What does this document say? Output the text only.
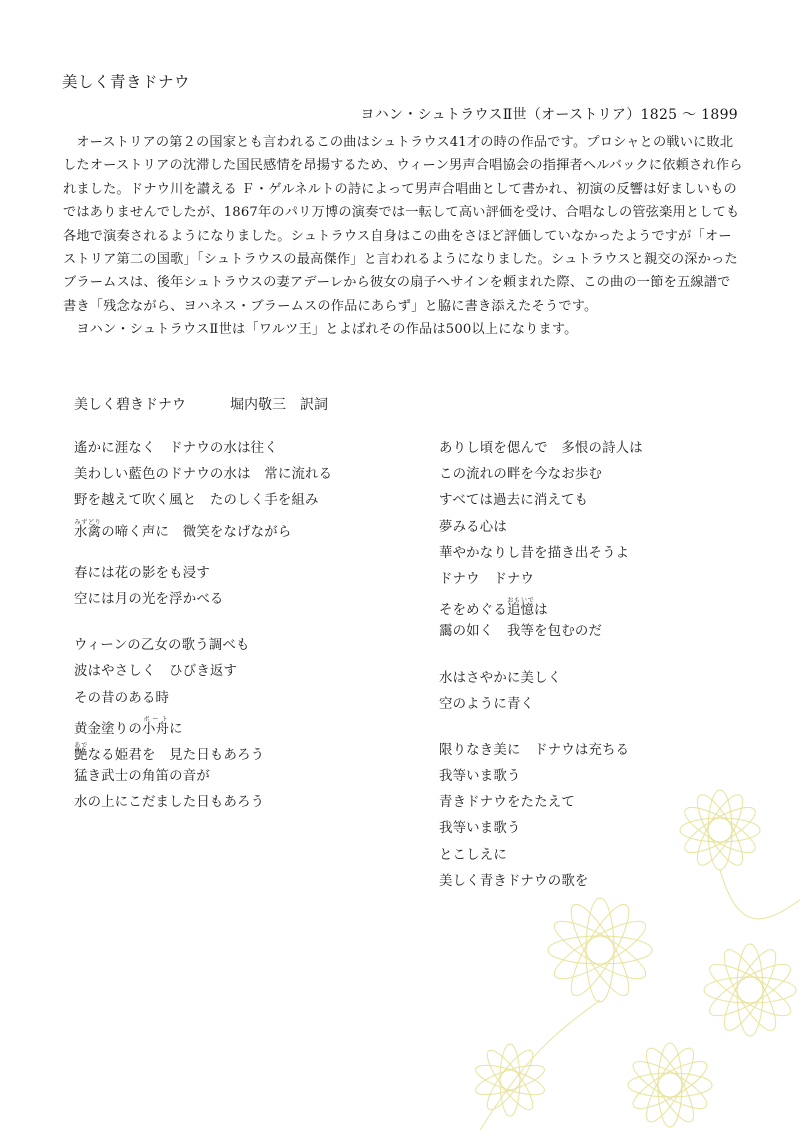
美しく青きドナウ
ヨハン・シュトラウスⅡ世（オーストリア）1825 ～ 1899

オーストリアの第２の国家とも言われるこの曲はシュトラウス41才の時の作品です。プロシャとの戦いに敗北したオーストリアの沈滞した国民感情を昂揚するため、ウィーン男声合唱協会の指揮者ヘルバックに依頼され作られました。ドナウ川を讃える Ｆ・ゲルネルトの詩によって男声合唱曲として書かれ、初演の反響は好ましいものではありませんでしたが、1867年のパリ万博の演奏では一転して高い評価を受け、合唱なしの管弦楽用としても各地で演奏されるようになりました。シュトラウス自身はこの曲をさほど評価していなかったようですが「オーストリア第二の国歌」「シュトラウスの最高傑作」と言われるようになりました。シュトラウスと親交の深かったブラームスは、後年シュトラウスの妻アデーレから彼女の扇子へサインを頼まれた際、この曲の一節を五線譜で書き「残念ながら、ヨハネス・ブラームスの作品にあらず」と脇に書き添えたそうです。

ヨハン・シュトラウスⅡ世は「ワルツ王」とよばれその作品は500以上になります。

美しく碧きドナウ	堀内敬三　訳詞
遙かに涯なく　ドナウの水は往く
美わしい藍色のドナウの水は　常に流れる
野を越えて吹く風と　たのしく手を組み
水禽みずどりの啼く声に　微笑をなげながら
春には花の影をも浸す
空には月の光を浮かべる
ウィーンの乙女の歌う調べも
波はやさしく　ひびき返す
その昔のある時
黄金塗りの小舟ボートに
艶あでなる姫君を　見た日もあろう
猛き武士の角笛の音が
水の上にこだました日もあろう
ありし頃を偲んで　多恨の詩人は
この流れの畔を今なお歩む
すべては過去に消えても
夢みる心は
華やかなりし昔を描き出そうよ
ドナウ　ドナウ
そをめぐる追憶おもいでは
靄の如く　我等を包むのだ
水はさやかに美しく
空のように青く
限りなき美に　ドナウは充ちる
我等いま歌う
青きドナウをたたえて
我等いま歌う
とこしえに
美しく青きドナウの歌を
